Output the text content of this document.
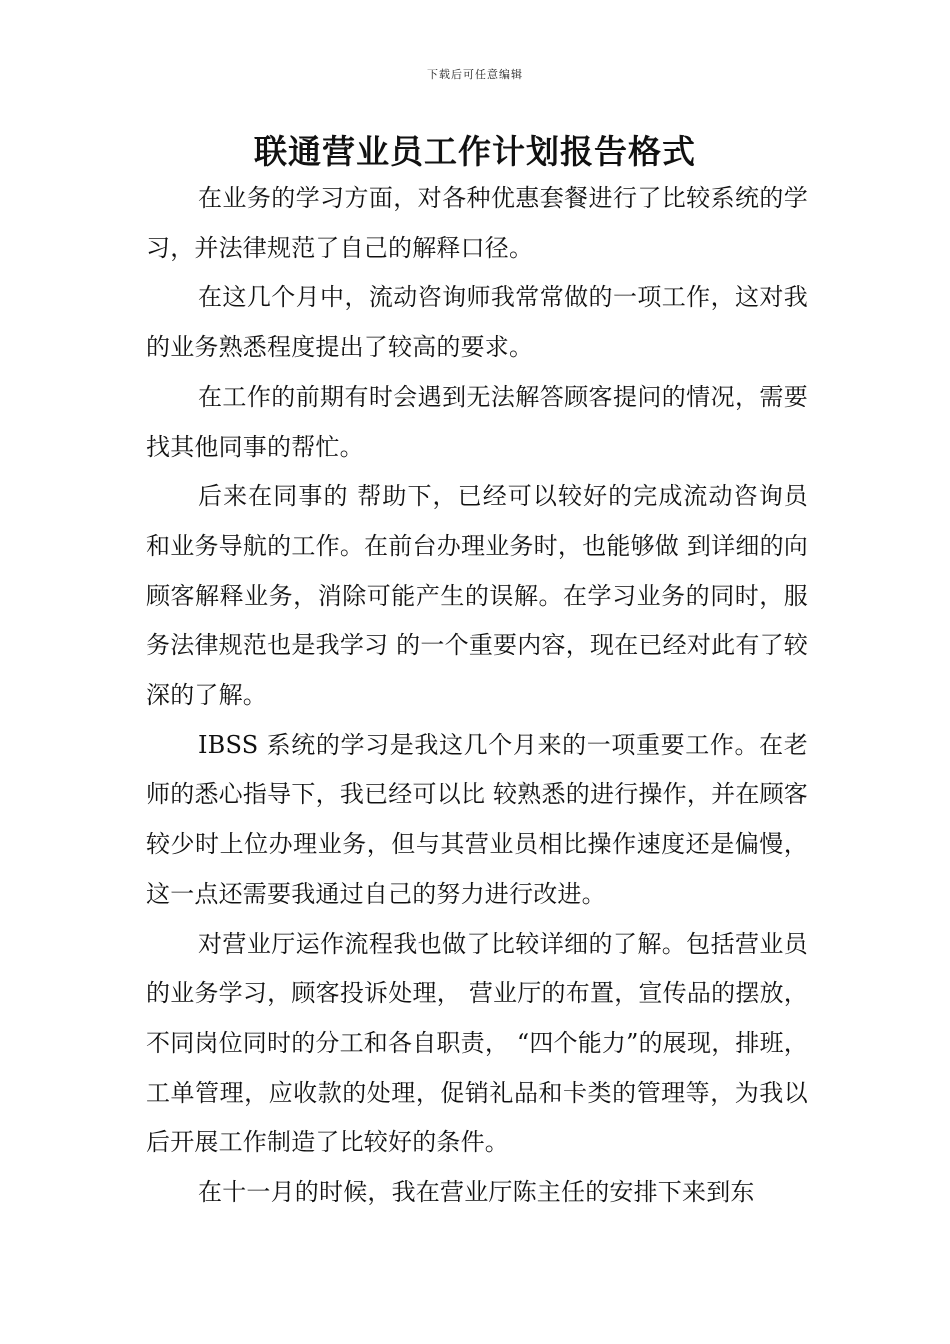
下载后可任意编辑
联通营业员工作计划报告格式

在业务的学习方面，对各种优惠套餐进行了比较系统的学习，并法律规范了自己的解释口径。

在这几个月中，流动咨询师我常常做的一项工作，这对我的业务熟悉程度提出了较高的要求。

在工作的前期有时会遇到无法解答顾客提问的情况，需要找其他同事的帮忙。

后来在同事的 帮助下，已经可以较好的完成流动咨询员和业务导航的工作。在前台办理业务时，也能够做 到详细的向顾客解释业务，消除可能产生的误解。在学习业务的同时，服务法律规范也是我学习 的一个重要内容，现在已经对此有了较深的了解。

IBSS 系统的学习是我这几个月来的一项重要工作。在老师的悉心指导下，我已经可以比 较熟悉的进行操作，并在顾客较少时上位办理业务，但与其营业员相比操作速度还是偏慢， 这一点还需要我通过自己的努力进行改进。

对营业厅运作流程我也做了比较详细的了解。包括营业员的业务学习，顾客投诉处理， 营业厅的布置，宣传品的摆放，不同岗位同时的分工和各自职责， “四个能力”的展现，排班，工单管理，应收款的处理，促销礼品和卡类的管理等，为我以后开展工作制造了比较好的条件。

在十一月的时候，我在营业厅陈主任的安排下来到东
